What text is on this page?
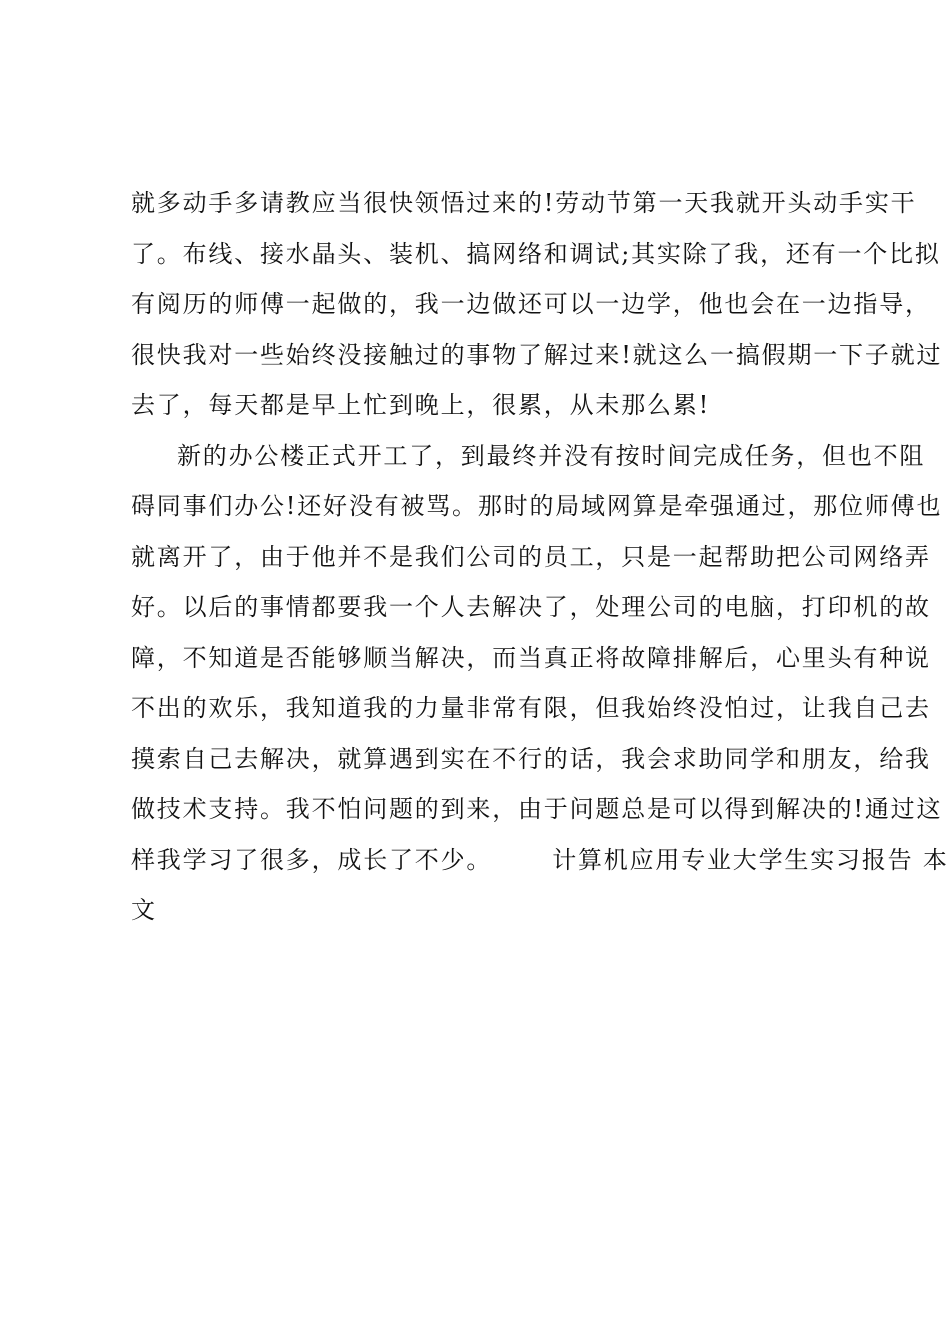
就多动手多请教应当很快领悟过来的!劳动节第一天我就开头动手实干
了。布线、接水晶头、装机、搞网络和调试;其实除了我，还有一个比拟
有阅历的师傅一起做的，我一边做还可以一边学，他也会在一边指导，
很快我对一些始终没接触过的事物了解过来!就这么一搞假期一下子就过
去了，每天都是早上忙到晚上，很累，从未那么累!
新的办公楼正式开工了，到最终并没有按时间完成任务，但也不阻
碍同事们办公!还好没有被骂。那时的局域网算是牵强通过，那位师傅也
就离开了，由于他并不是我们公司的员工，只是一起帮助把公司网络弄
好。以后的事情都要我一个人去解决了，处理公司的电脑，打印机的故
障，不知道是否能够顺当解决，而当真正将故障排解后，心里头有种说
不出的欢乐，我知道我的力量非常有限，但我始终没怕过，让我自己去
摸索自己去解决，就算遇到实在不行的话，我会求助同学和朋友，给我
做技术支持。我不怕问题的到来，由于问题总是可以得到解决的!通过这
样我学习了很多，成长了不少。	计算机应用专业大学生实习报告 本
文
